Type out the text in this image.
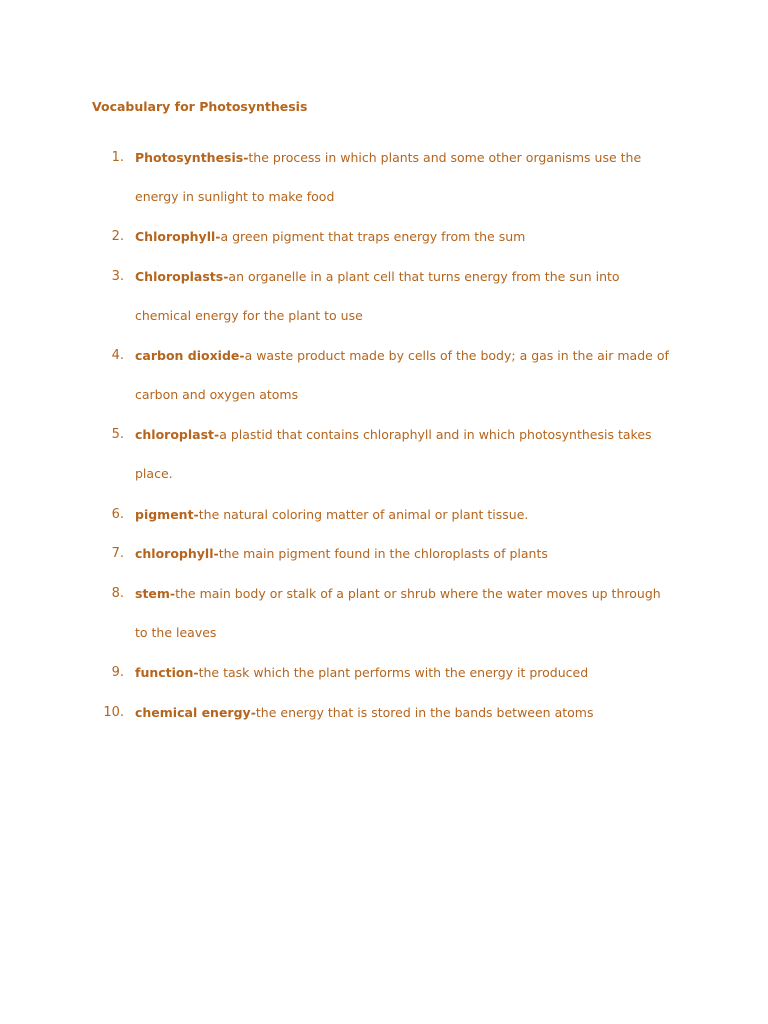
Vocabulary for Photosynthesis
1. Photosynthesis-the process in which plants and some other organisms use the
energy in sunlight to make food
2. Chlorophyll-a green pigment that traps energy from the sum
3. Chloroplasts-an organelle in a plant cell that turns energy from the sun into
chemical energy for the plant to use
4. carbon dioxide-a waste product made by cells of the body; a gas in the air made of
carbon and oxygen atoms
5. chloroplast-a plastid that contains chloraphyll and in which photosynthesis takes
place.
6. pigment-the natural coloring matter of animal or plant tissue.
7. chlorophyll-the main pigment found in the chloroplasts of plants
8. stem-the main body or stalk of a plant or shrub where the water moves up through
to the leaves
9. function-the task which the plant performs with the energy it produced
10. chemical energy-the energy that is stored in the bands between atoms
